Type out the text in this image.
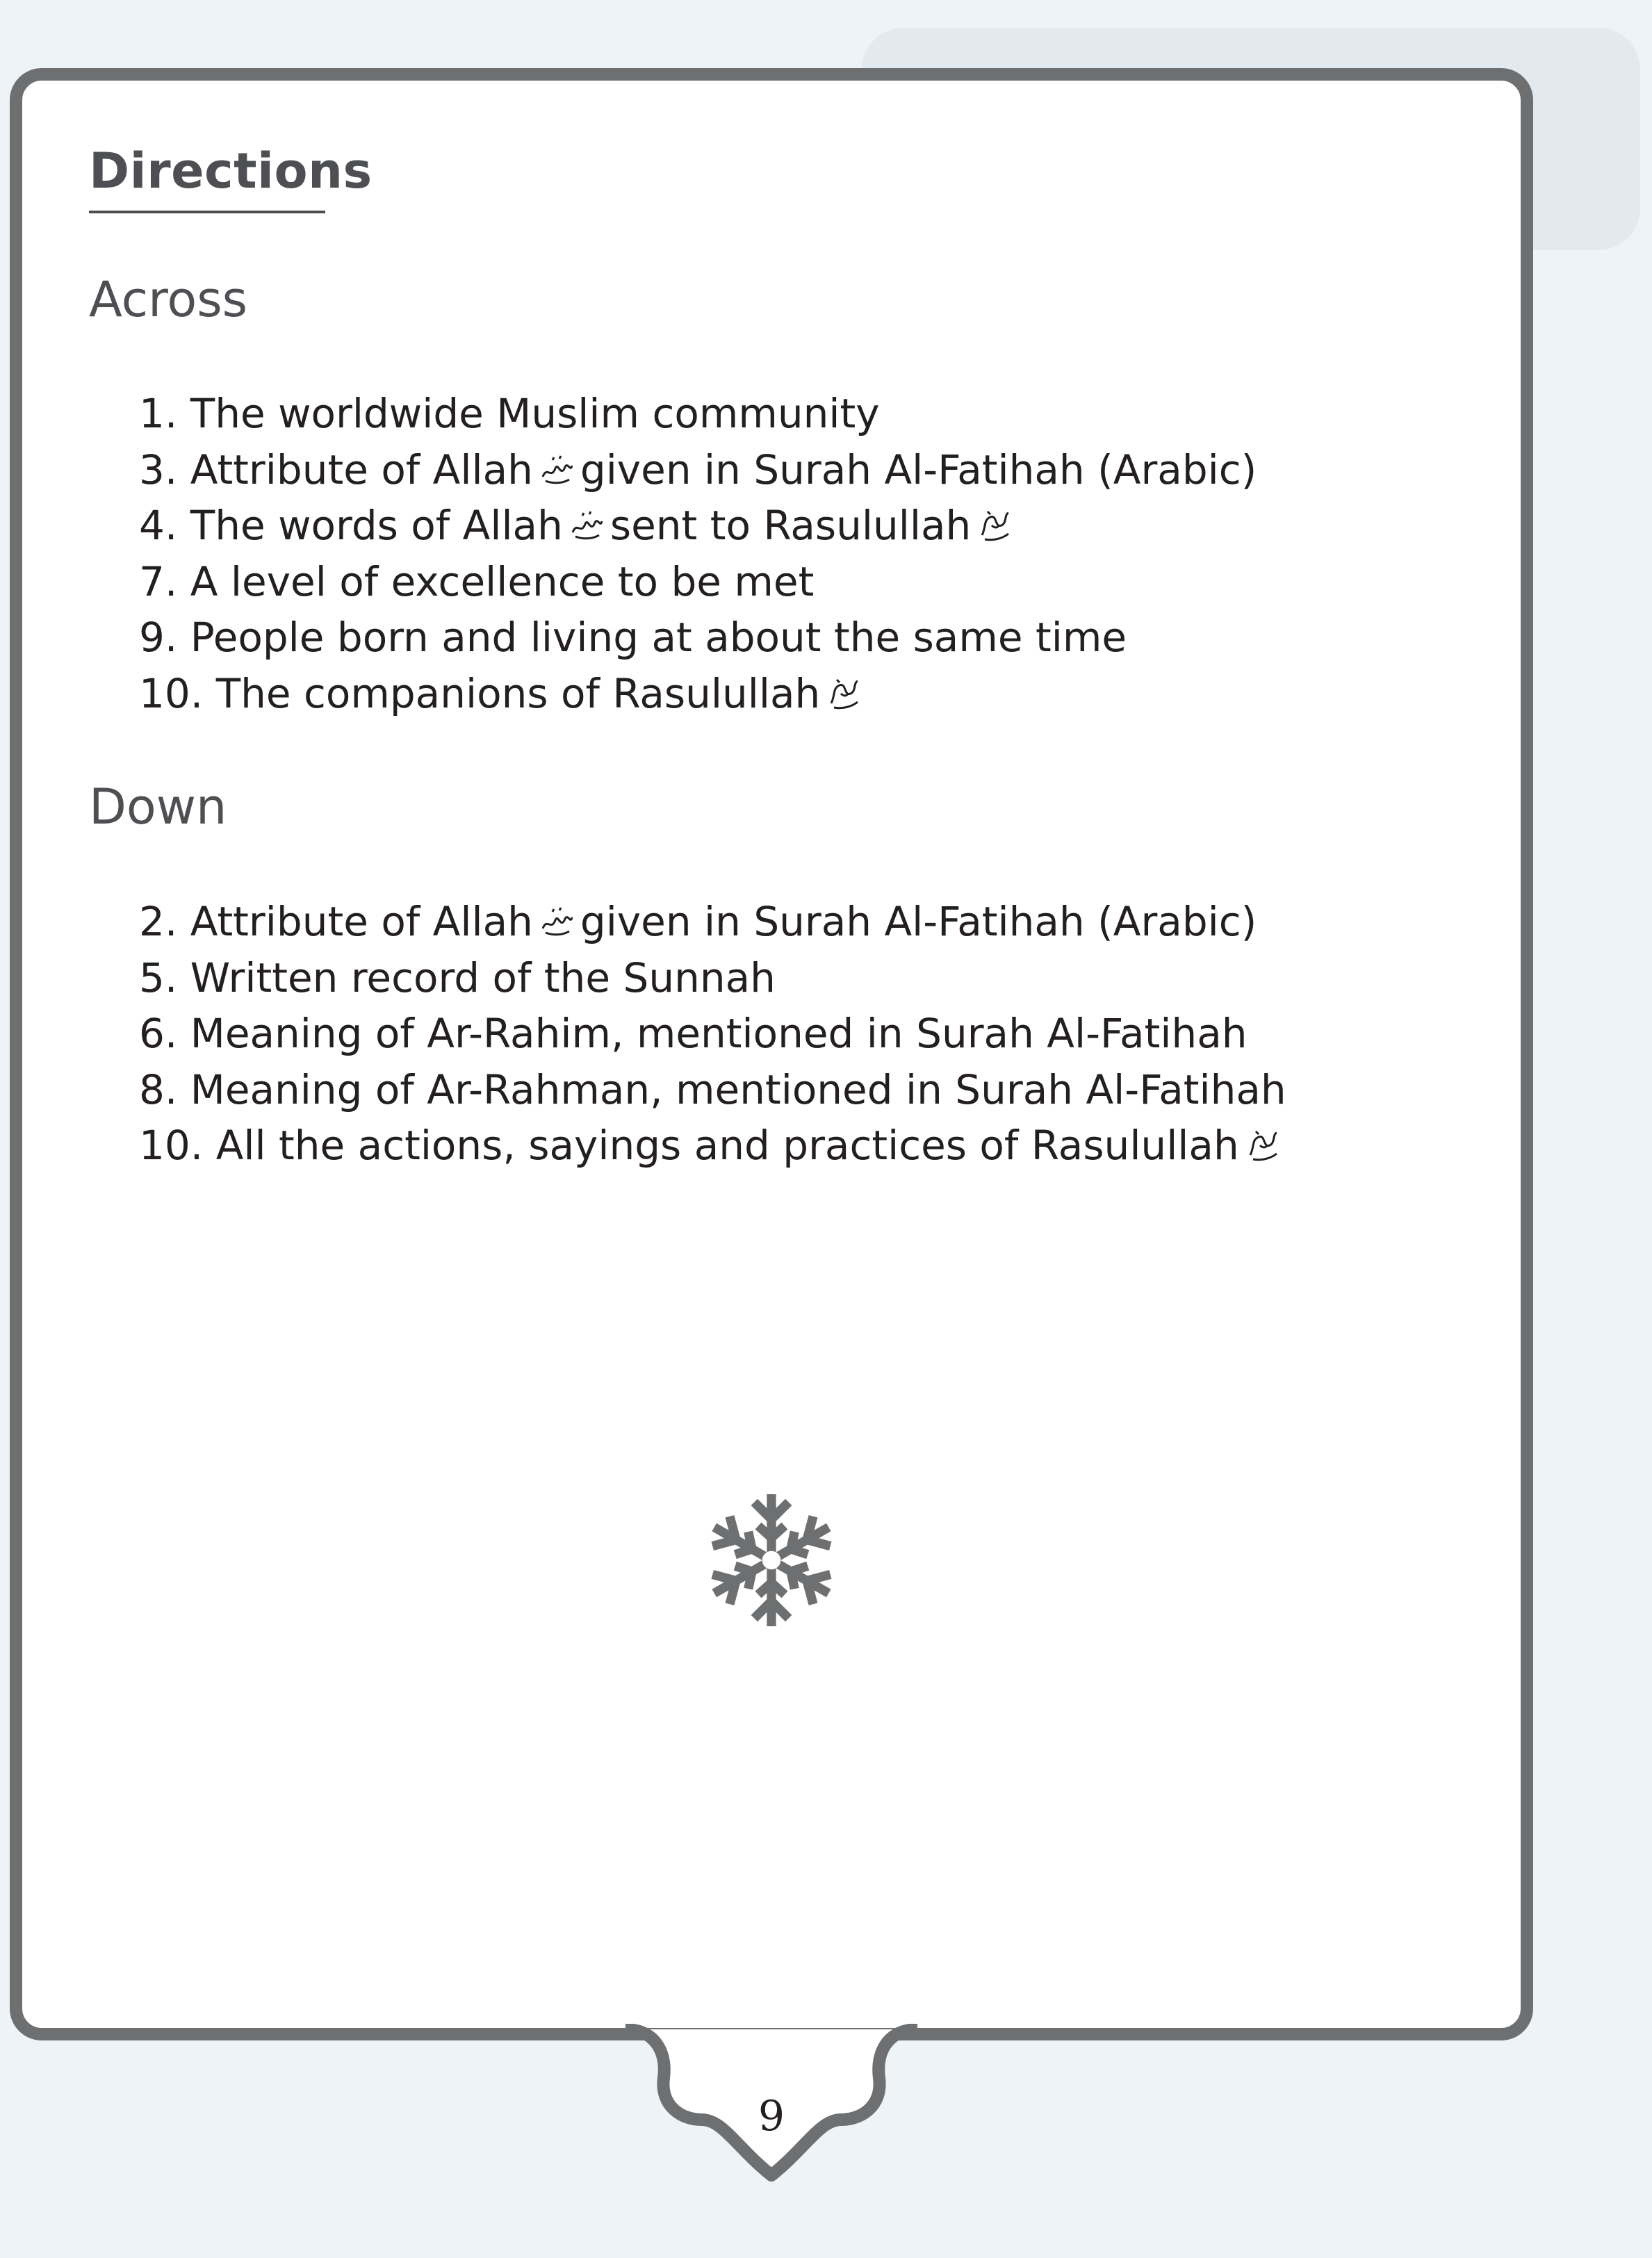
Directions
Across
1. The worldwide Muslim community
3. Attribute of Allah given in Surah Al-Fatihah (Arabic)
4. The words of Allah sent to Rasulullah
7. A level of excellence to be met
9. People born and living at about the same time
10. The companions of Rasulullah
Down
2. Attribute of Allah given in Surah Al-Fatihah (Arabic)
5. Written record of the Sunnah
6. Meaning of Ar-Rahim, mentioned in Surah Al-Fatihah
8. Meaning of Ar-Rahman, mentioned in Surah Al-Fatihah
10. All the actions, sayings and practices of Rasulullah
9
